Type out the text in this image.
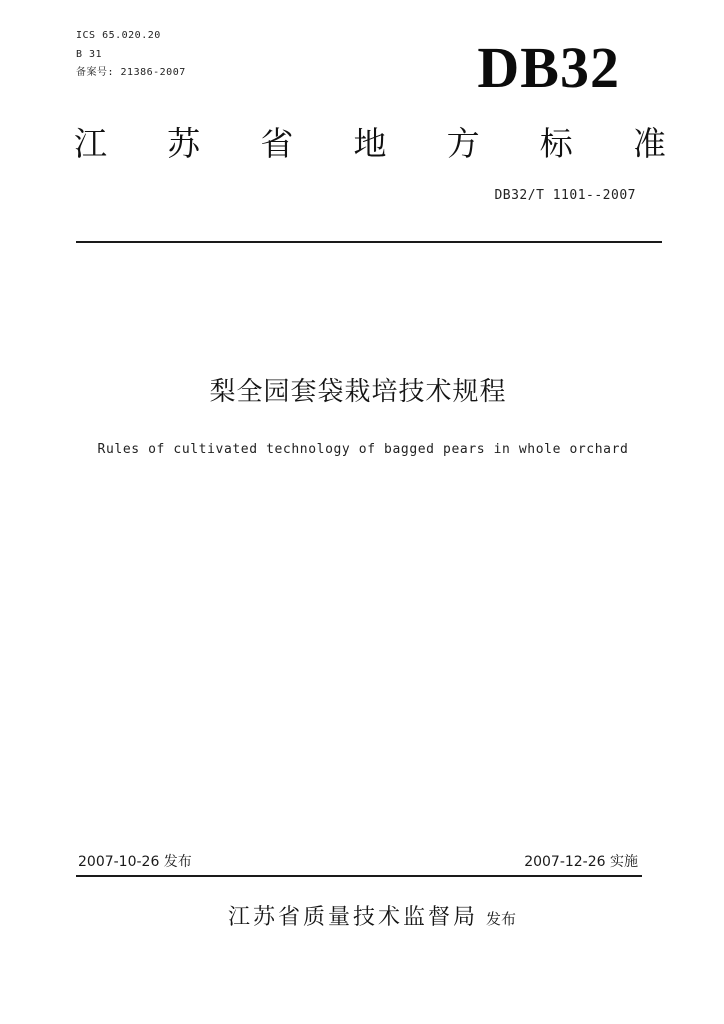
ICS 65.020.20
B 31
备案号: 21386-2007	DB32
江 苏 省 地 方 标 准
DB32/T 1101--2007
梨全园套袋栽培技术规程
Rules of cultivated technology of bagged pears in whole orchard
2007-10-26 发布	2007-12-26 实施
江苏省质量技术监督局 发布
